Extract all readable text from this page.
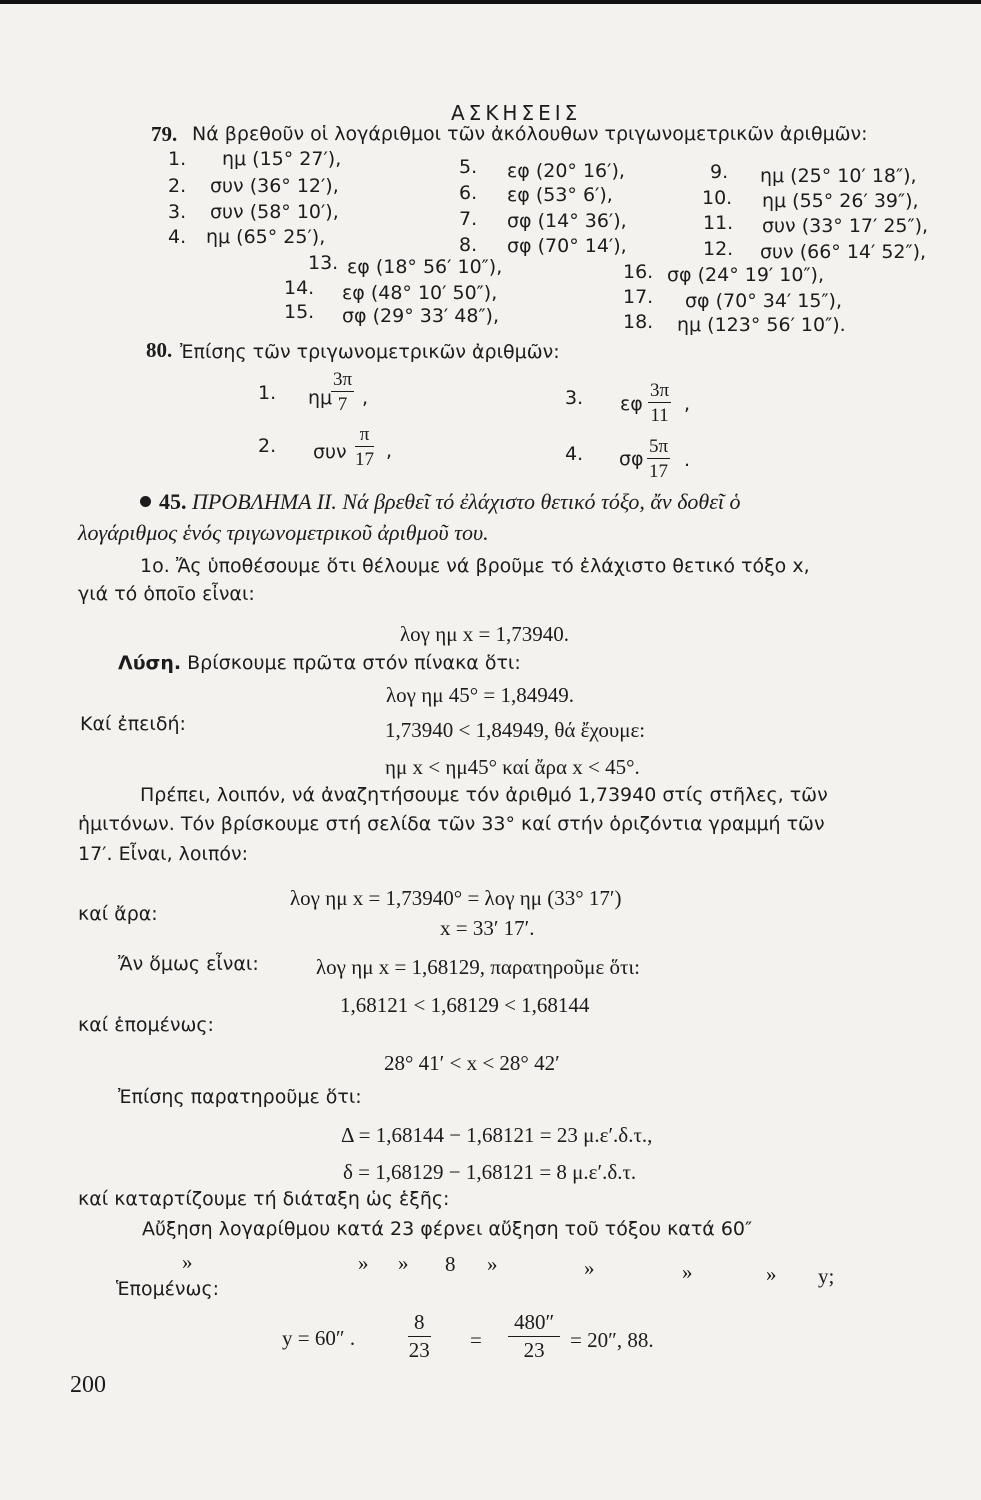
ΑΣΚΗΣΕΙΣ
79. Νά βρεθοῦν οἱ λογάριθμοι τῶν ἀκόλουθων τριγωνομετρικῶν ἀριθμῶν:
1. ημ (15° 27′),
2. συν (36° 12′),
3. συν (58° 10′),
4. ημ (65° 25′),
5. εφ (20° 16′),
6. εφ (53° 6′),
7. σφ (14° 36′),
8. σφ (70° 14′),
9. ημ (25° 10′ 18″),
10. ημ (55° 26′ 39″),
11. συν (33° 17′ 25″),
12. συν (66° 14′ 52″),
13. εφ (18° 56′ 10″),
14. εφ (48° 10′ 50″),
15. σφ (29° 33′ 48″),
16. σφ (24° 19′ 10″),
17. σφ (70° 34′ 15″),
18. ημ (123° 56′ 10″).
80. Ἐπίσης τῶν τριγωνομετρικῶν ἀριθμῶν:
1. ημ
$\frac{3\pi}{7}$ ,
2. συν $\frac{\pi}{17}$ ,
3. εφ $\frac{3\pi}{11}$ ,
4. σφ $\frac{5\pi}{17}$ .
45. ΠΡΟΒΛΗΜΑ ΙΙ. Νά βρεθεῖ τό ἐλάχιστο θετικό τόξο, ἄν δοθεῖ ὁ
λογάριθμος ἑνός τριγωνομετρικοῦ ἀριθμοῦ του.
1ο. Ἄς ὑποθέσουμε ὅτι θέλουμε νά βροῦμε τό ἐλάχιστο θετικό τόξο x,
γιά τό ὁποῖο εἶναι:
λογ ημ x = 1,73940.
Λύση. Βρίσκουμε πρῶτα στόν πίνακα ὅτι:
λογ ημ 45° = 1,84949.
Καί ἐπειδή:	1,73940 < 1,84949, θά ἔχουμε:
ημ x < ημ45° καί ἄρα x < 45°.
Πρέπει, λοιπόν, νά ἀναζητήσουμε τόν ἀριθμό 1,73940 στίς στῆλες, τῶν
ἡμιτόνων. Τόν βρίσκουμε στή σελίδα τῶν 33° καί στήν ὁριζόντια γραμμή τῶν
17′. Εἶναι, λοιπόν:
λογ ημ x = 1,73940° = λογ ημ (33° 17′)
καί ἄρα:
x = 33′ 17′.
Ἄν ὅμως εἶναι:	λογ ημ x = 1,68129, παρατηροῦμε ὅτι:
1,68121 < 1,68129 < 1,68144
καί ἑπομένως:
28° 41′ < x < 28° 42′
Ἐπίσης παρατηροῦμε ὅτι:
Δ = 1,68144 − 1,68121 = 23 μ.ε′.δ.τ.,
δ = 1,68129 − 1,68121 = 8 μ.ε′.δ.τ.
καί καταρτίζουμε τή διάταξη ὡς ἑξῆς:
Αὔξηση λογαρίθμου κατά 23 φέρνει αὔξηση τοῦ τόξου κατά 60″
»	» » 8 »	»	»	» y;
Ἑπομένως:
y = 60″ .	$\frac{8}{23} = \frac{480''}{23} = 20''$, 88.
200
